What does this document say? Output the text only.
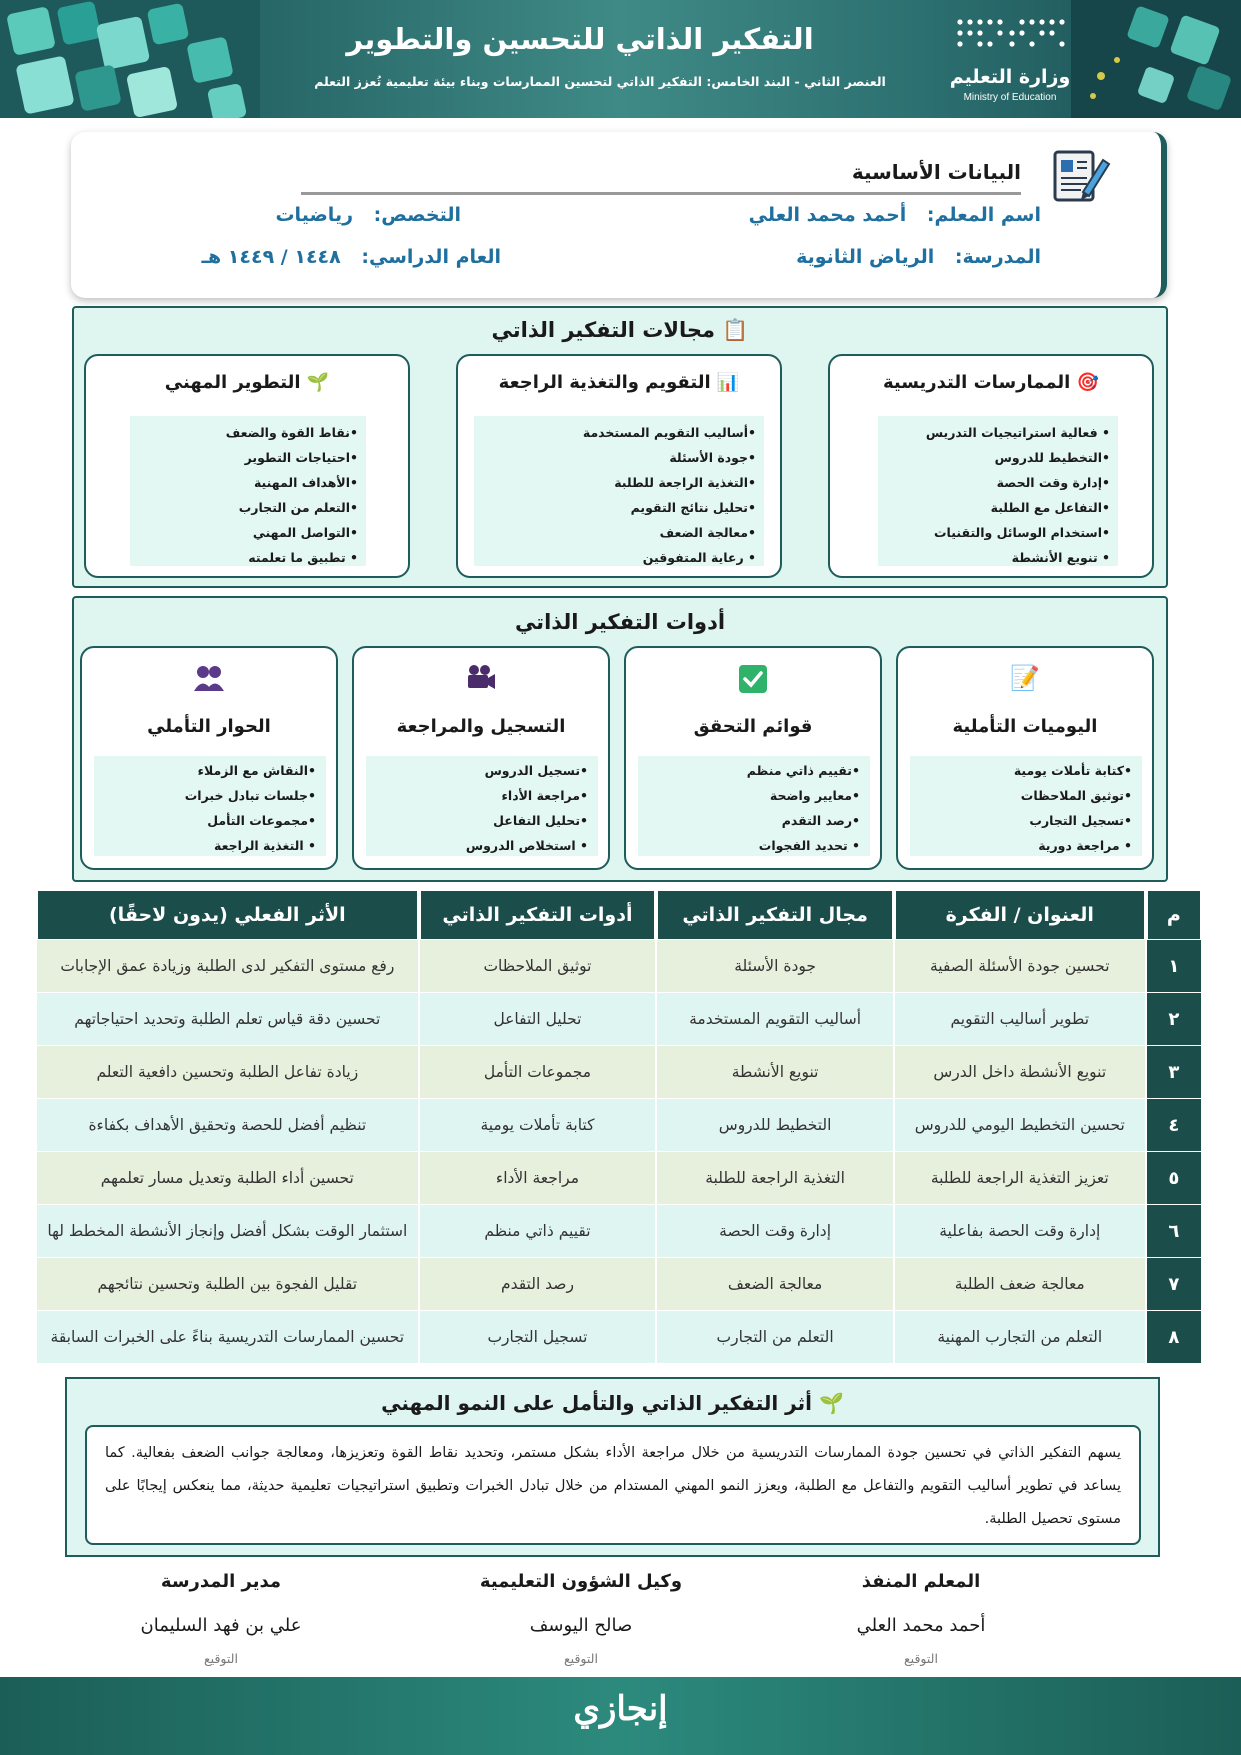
التفكير الذاتي للتحسين والتطوير
العنصر الثاني - البند الخامس: التفكير الذاتي لتحسين الممارسات وبناء بيئة تعليمية تُعزز التعلم	وزارة التعليم
Ministry of Education
البيانات الأساسية
اسم المعلم: أحمد محمد العلي
التخصص: رياضيات
المدرسة: الرياض الثانوية
العام الدراسي: ١٤٤٨ / ١٤٤٩ هـ
📋 مجالات التفكير الذاتي
🎯 الممارسات التدريسية
• فعالية استراتيجيات التدريس
•التخطيط للدروس
•إدارة وقت الحصة
•التفاعل مع الطلبة
•استخدام الوسائل والتقنيات
• تنويع الأنشطة
📊 التقويم والتغذية الراجعة
•أساليب التقويم المستخدمة
•جودة الأسئلة
•التغذية الراجعة للطلبة
•تحليل نتائج التقويم
•معالجة الضعف
• رعاية المتفوقين
🌱 التطوير المهني
•نقاط القوة والضعف
•احتياجات التطوير
•الأهداف المهنية
•التعلم من التجارب
•التواصل المهني
• تطبيق ما تعلمته
أدوات التفكير الذاتي
📝
اليوميات التأملية
•كتابة تأملات يومية
•توثيق الملاحظات
•تسجيل التجارب
• مراجعة دورية
قوائم التحقق
•تقييم ذاتي منظم
•معايير واضحة
•رصد التقدم
• تحديد الفجوات
التسجيل والمراجعة
•تسجيل الدروس
•مراجعة الأداء
•تحليل التفاعل
• استخلاص الدروس
الحوار التأملي
•النقاش مع الزملاء
•جلسات تبادل خبرات
•مجموعات التأمل
• التغذية الراجعة
م	العنوان / الفكرة	مجال التفكير الذاتي	أدوات التفكير الذاتي	الأثر الفعلي (يدون لاحقًا)
١	تحسين جودة الأسئلة الصفية	جودة الأسئلة	توثيق الملاحظات	رفع مستوى التفكير لدى الطلبة وزيادة عمق الإجابات
٢	تطوير أساليب التقويم	أساليب التقويم المستخدمة	تحليل التفاعل	تحسين دقة قياس تعلم الطلبة وتحديد احتياجاتهم
٣	تنويع الأنشطة داخل الدرس	تنويع الأنشطة	مجموعات التأمل	زيادة تفاعل الطلبة وتحسين دافعية التعلم
٤	تحسين التخطيط اليومي للدروس	التخطيط للدروس	كتابة تأملات يومية	تنظيم أفضل للحصة وتحقيق الأهداف بكفاءة
٥	تعزيز التغذية الراجعة للطلبة	التغذية الراجعة للطلبة	مراجعة الأداء	تحسين أداء الطلبة وتعديل مسار تعلمهم
٦	إدارة وقت الحصة بفاعلية	إدارة وقت الحصة	تقييم ذاتي منظم	استثمار الوقت بشكل أفضل وإنجاز الأنشطة المخطط لها
٧	معالجة ضعف الطلبة	معالجة الضعف	رصد التقدم	تقليل الفجوة بين الطلبة وتحسين نتائجهم
٨	التعلم من التجارب المهنية	التعلم من التجارب	تسجيل التجارب	تحسين الممارسات التدريسية بناءً على الخبرات السابقة
🌱 أثر التفكير الذاتي والتأمل على النمو المهني
يسهم التفكير الذاتي في تحسين جودة الممارسات التدريسية من خلال مراجعة الأداء بشكل مستمر، وتحديد نقاط القوة وتعزيزها، ومعالجة جوانب الضعف بفعالية. كما يساعد في تطوير أساليب التقويم والتفاعل مع الطلبة، ويعزز النمو المهني المستدام من خلال تبادل الخبرات وتطبيق استراتيجيات تعليمية حديثة، مما ينعكس إيجابًا على مستوى تحصيل الطلبة.
مدير المدرسة
علي بن فهد السليمان
التوقيع
وكيل الشؤون التعليمية
صالح اليوسف
التوقيع
المعلم المنفذ
أحمد محمد العلي
التوقيع
إنجازي
